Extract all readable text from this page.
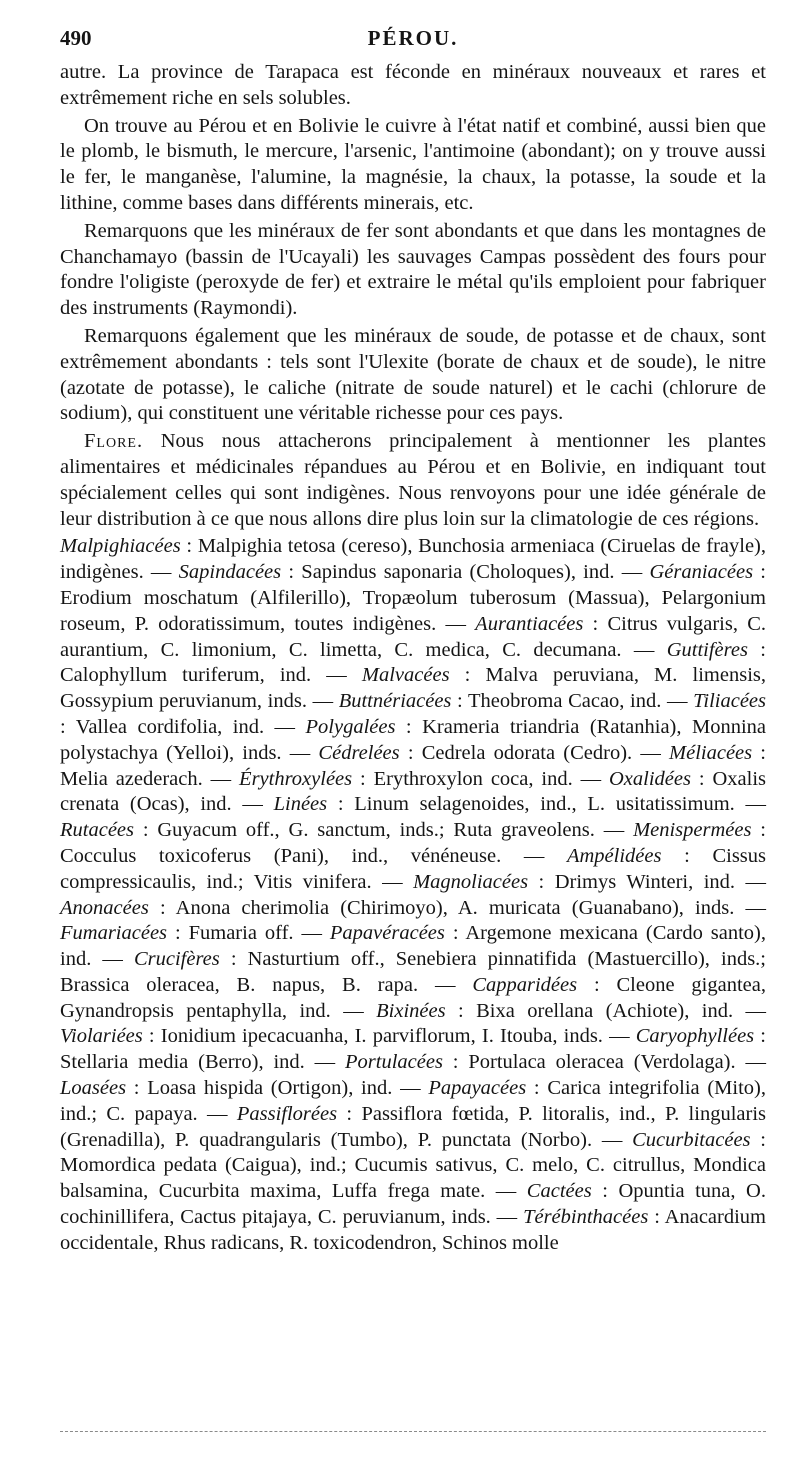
490	PÉROU.

autre. La province de Tarapaca est féconde en minéraux nouveaux et rares et extrêmement riche en sels solubles.

On trouve au Pérou et en Bolivie le cuivre à l'état natif et combiné, aussi bien que le plomb, le bismuth, le mercure, l'arsenic, l'antimoine (abondant); on y trouve aussi le fer, le manganèse, l'alumine, la magnésie, la chaux, la potasse, la soude et la lithine, comme bases dans différents minerais, etc.

Remarquons que les minéraux de fer sont abondants et que dans les montagnes de Chanchamayo (bassin de l'Ucayali) les sauvages Campas possèdent des fours pour fondre l'oligiste (peroxyde de fer) et extraire le métal qu'ils emploient pour fabriquer des instruments (Raymondi).

Remarquons également que les minéraux de soude, de potasse et de chaux, sont extrêmement abondants : tels sont l'Ulexite (borate de chaux et de soude), le nitre (azotate de potasse), le caliche (nitrate de soude naturel) et le cachi (chlorure de sodium), qui constituent une véritable richesse pour ces pays.

Flore. Nous nous attacherons principalement à mentionner les plantes alimentaires et médicinales répandues au Pérou et en Bolivie, en indiquant tout spécialement celles qui sont indigènes. Nous renvoyons pour une idée générale de leur distribution à ce que nous allons dire plus loin sur la climatologie de ces régions.

Malpighiacées : Malpighia tetosa (cereso), Bunchosia armeniaca (Ciruelas de frayle), indigènes. — Sapindacées : Sapindus saponaria (Choloques), ind. — Géraniacées : Erodium moschatum (Alfilerillo), Tropæolum tuberosum (Massua), Pelargonium roseum, P. odoratissimum, toutes indigènes. — Aurantiacées : Citrus vulgaris, C. aurantium, C. limonium, C. limetta, C. medica, C. decumana. — Guttifères : Calophyllum turiferum, ind. — Malvacées : Malva peruviana, M. limensis, Gossypium peruvianum, inds. — Buttnériacées : Theobroma Cacao, ind. — Tiliacées : Vallea cordifolia, ind. — Polygalées : Krameria triandria (Ratanhia), Monnina polystachya (Yelloi), inds. — Cédrelées : Cedrela odorata (Cedro). — Méliacées : Melia azederach. — Érythroxylées : Erythroxylon coca, ind. — Oxalidées : Oxalis crenata (Ocas), ind. — Linées : Linum selagenoides, ind., L. usitatissimum. — Rutacées : Guyacum off., G. sanctum, inds.; Ruta graveolens. — Menispermées : Cocculus toxicoferus (Pani), ind., vénéneuse. — Ampélidées : Cissus compressicaulis, ind.; Vitis vinifera. — Magnoliacées : Drimys Winteri, ind. — Anonacées : Anona cherimolia (Chirimoyo), A. muricata (Guanabano), inds. — Fumariacées : Fumaria off. — Papavéracées : Argemone mexicana (Cardo santo), ind. — Crucifères : Nasturtium off., Senebiera pinnatifida (Mastuercillo), inds.; Brassica oleracea, B. napus, B. rapa. — Capparidées : Cleone gigantea, Gynandropsis pentaphylla, ind. — Bixinées : Bixa orellana (Achiote), ind. — Violariées : Ionidium ipecacuanha, I. parviflorum, I. Itouba, inds. — Caryophyllées : Stellaria media (Berro), ind. — Portulacées : Portulaca oleracea (Verdolaga). — Loasées : Loasa hispida (Ortigon), ind. — Papayacées : Carica integrifolia (Mito), ind.; C. papaya. — Passiflorées : Passiflora fœtida, P. litoralis, ind., P. lingularis (Grenadilla), P. quadrangularis (Tumbo), P. punctata (Norbo). — Cucurbitacées : Momordica pedata (Caigua), ind.; Cucumis sativus, C. melo, C. citrullus, Mondica balsamina, Cucurbita maxima, Luffa frega mate. — Cactées : Opuntia tuna, O. cochinillifera, Cactus pitajaya, C. peruvianum, inds. — Térébinthacées : Anacardium occidentale, Rhus radicans, R. toxicodendron, Schinos molle
